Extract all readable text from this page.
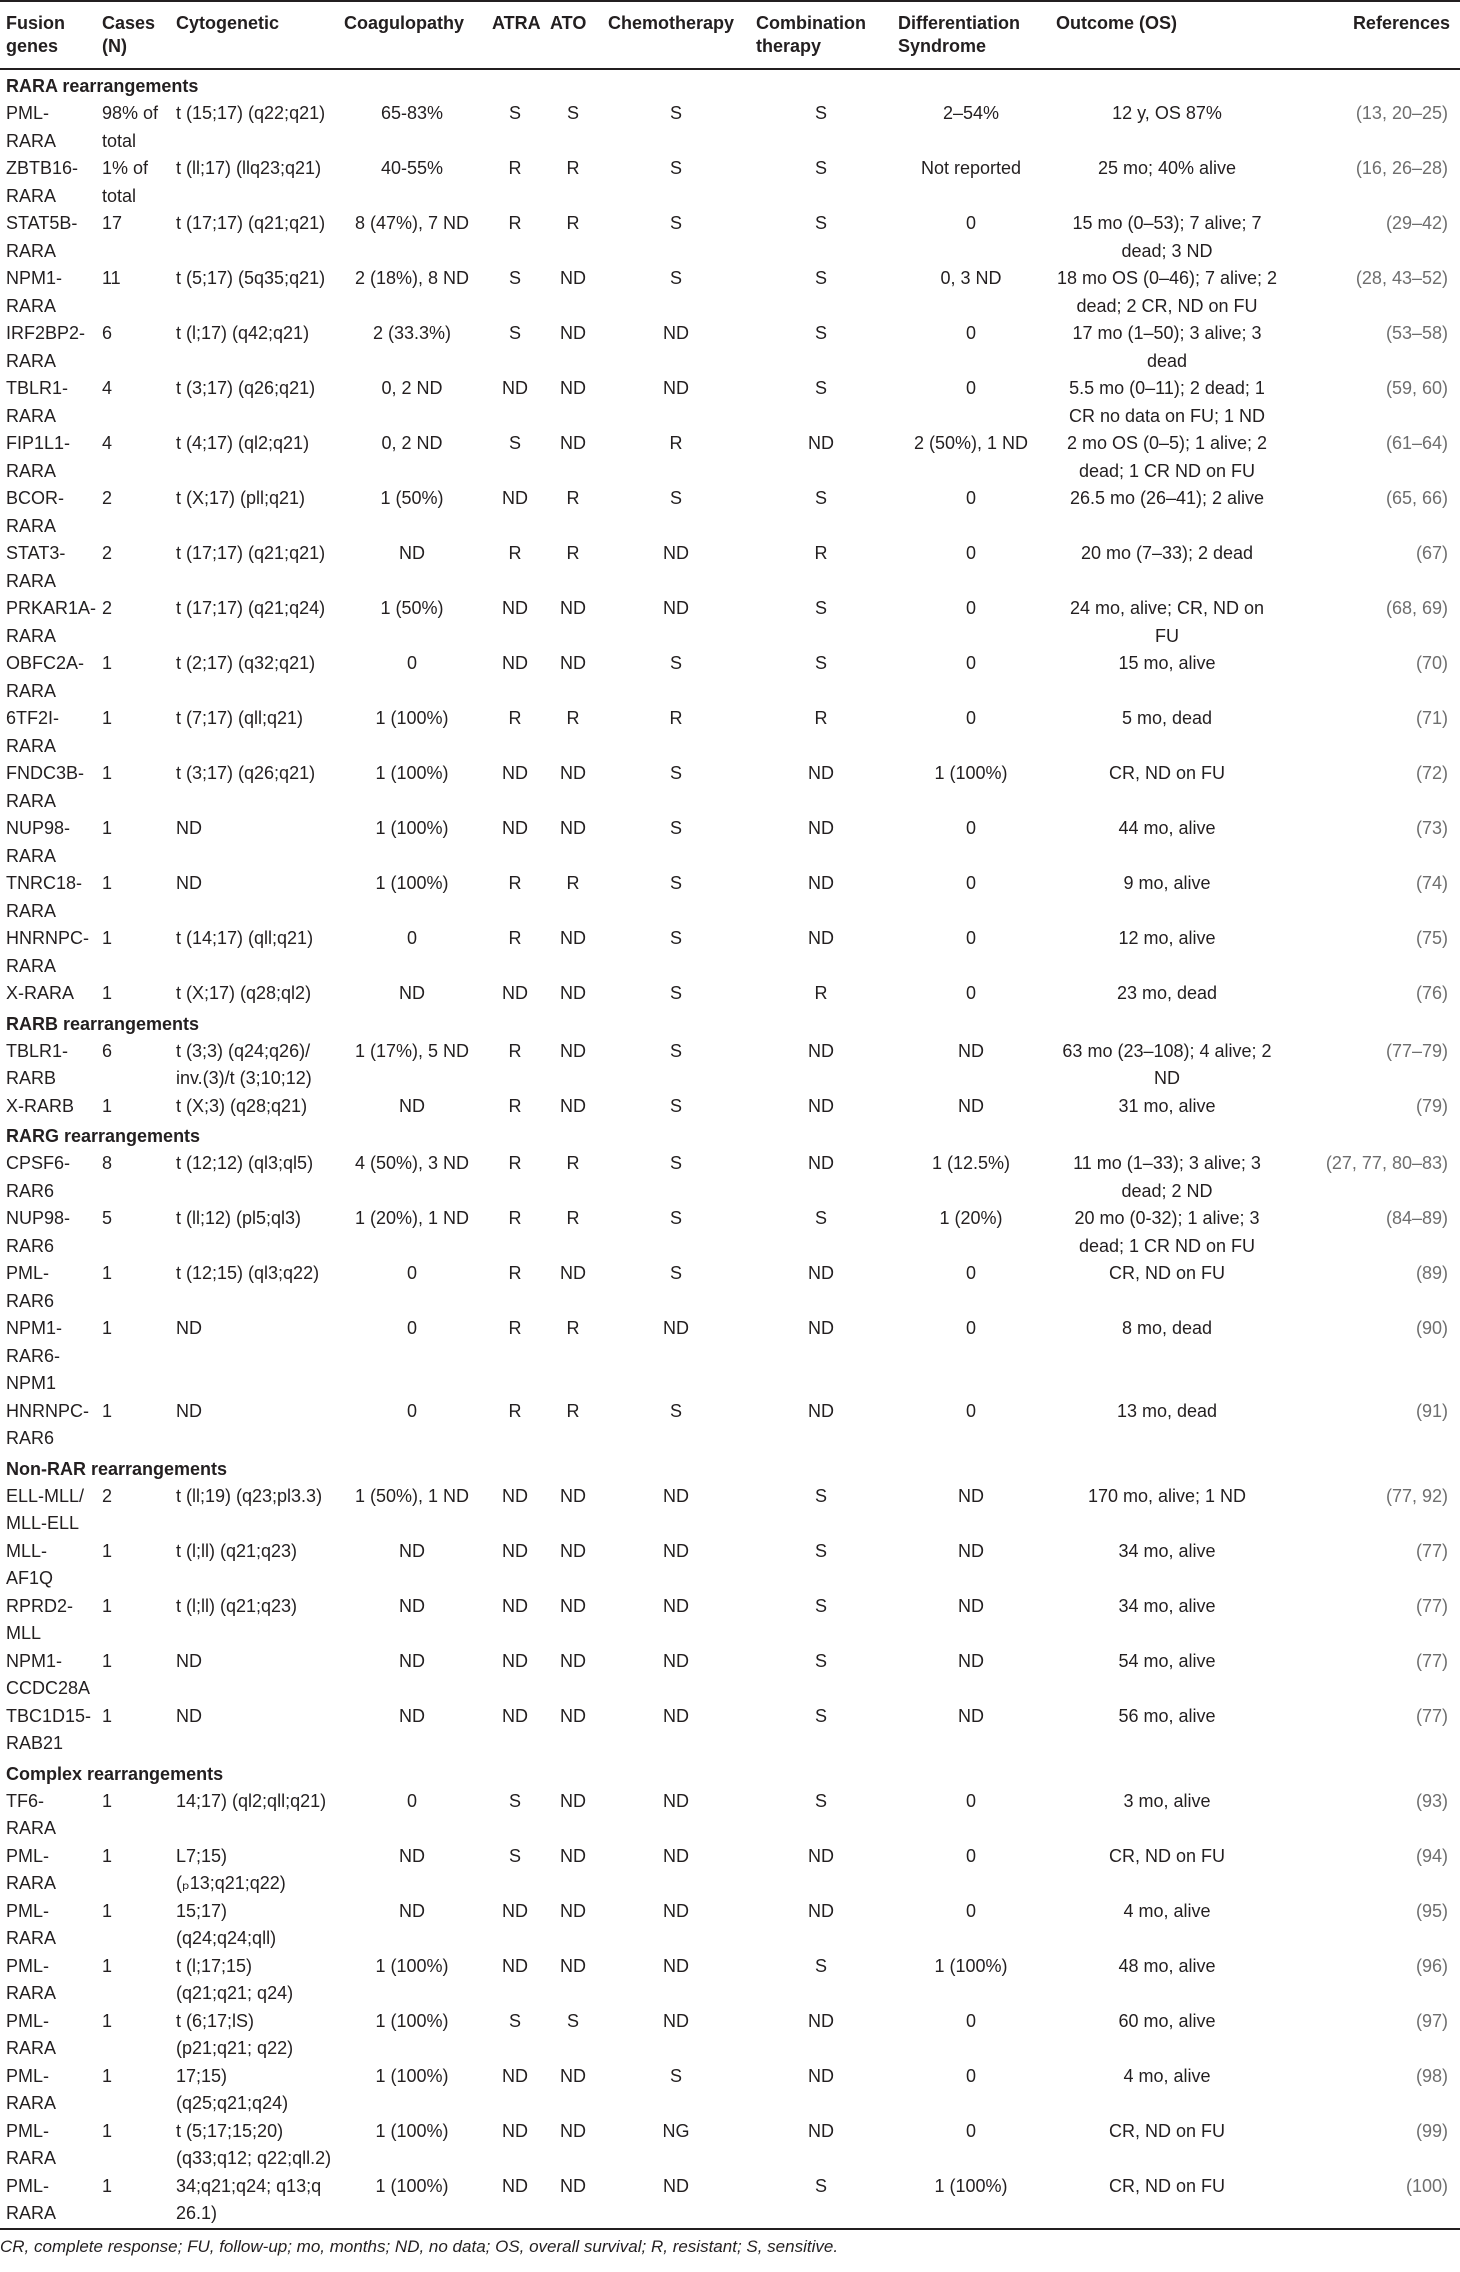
Fusion genes	Cases (N)	Cytogenetic	Coagulopathy	ATRA	ATO	Chemotherapy	Combination therapy	Differentiation Syndrome	Outcome (OS)	References
RARA rearrangements										
PML-RARA	98% of total	t (15;17) (q22;q21)	65-83%	S	S	S	S	2–54%	12 y, OS 87%	(13, 20–25)
ZBTB16-RARA	1% of total	t (ll;17) (llq23;q21)	40-55%	R	R	S	S	Not reported	25 mo; 40% alive	(16, 26–28)
STAT5B-RARA	17	t (17;17) (q21;q21)	8 (47%), 7 ND	R	R	S	S	0	15 mo (0–53); 7 alive; 7 dead; 3 ND	(29–42)
NPM1-RARA	11	t (5;17) (5q35;q21)	2 (18%), 8 ND	S	ND	S	S	0, 3 ND	18 mo OS (0–46); 7 alive; 2 dead; 2 CR, ND on FU	(28, 43–52)
IRF2BP2-RARA	6	t (l;17) (q42;q21)	2 (33.3%)	S	ND	ND	S	0	17 mo (1–50); 3 alive; 3 dead	(53–58)
TBLR1-RARA	4	t (3;17) (q26;q21)	0, 2 ND	ND	ND	ND	S	0	5.5 mo (0–11); 2 dead; 1 CR no data on FU; 1 ND	(59, 60)
FIP1L1-RARA	4	t (4;17) (ql2;q21)	0, 2 ND	S	ND	R	ND	2 (50%), 1 ND	2 mo OS (0–5); 1 alive; 2 dead; 1 CR ND on FU	(61–64)
BCOR-RARA	2	t (X;17) (pll;q21)	1 (50%)	ND	R	S	S	0	26.5 mo (26–41); 2 alive	(65, 66)
STAT3-RARA	2	t (17;17) (q21;q21)	ND	R	R	ND	R	0	20 mo (7–33); 2 dead	(67)
PRKAR1A-RARA	2	t (17;17) (q21;q24)	1 (50%)	ND	ND	ND	S	0	24 mo, alive; CR, ND on FU	(68, 69)
OBFC2A-RARA	1	t (2;17) (q32;q21)	0	ND	ND	S	S	0	15 mo, alive	(70)
6TF2I-RARA	1	t (7;17) (qll;q21)	1 (100%)	R	R	R	R	0	5 mo, dead	(71)
FNDC3B-RARA	1	t (3;17) (q26;q21)	1 (100%)	ND	ND	S	ND	1 (100%)	CR, ND on FU	(72)
NUP98-RARA	1	ND	1 (100%)	ND	ND	S	ND	0	44 mo, alive	(73)
TNRC18-RARA	1	ND	1 (100%)	R	R	S	ND	0	9 mo, alive	(74)
HNRNPC-RARA	1	t (14;17) (qll;q21)	0	R	ND	S	ND	0	12 mo, alive	(75)
X-RARA	1	t (X;17) (q28;ql2)	ND	ND	ND	S	R	0	23 mo, dead	(76)
RARB rearrangements										
TBLR1-RARB	6	t (3;3) (q24;q26)/ inv.(3)/t (3;10;12)	1 (17%), 5 ND	R	ND	S	ND	ND	63 mo (23–108); 4 alive; 2 ND	(77–79)
X-RARB	1	t (X;3) (q28;q21)	ND	R	ND	S	ND	ND	31 mo, alive	(79)
RARG rearrangements										
CPSF6-RAR6	8	t (12;12) (ql3;ql5)	4 (50%), 3 ND	R	R	S	ND	1 (12.5%)	11 mo (1–33); 3 alive; 3 dead; 2 ND	(27, 77, 80–83)
NUP98-RAR6	5	t (ll;12) (pl5;ql3)	1 (20%), 1 ND	R	R	S	S	1 (20%)	20 mo (0-32); 1 alive; 3 dead; 1 CR ND on FU	(84–89)
PML-RAR6	1	t (12;15) (ql3;q22)	0	R	ND	S	ND	0	CR, ND on FU	(89)
NPM1-RAR6-NPM1	1	ND	0	R	R	ND	ND	0	8 mo, dead	(90)
HNRNPC-RAR6	1	ND	0	R	R	S	ND	0	13 mo, dead	(91)
Non-RAR rearrangements										
ELL-MLL/ MLL-ELL	2	t (ll;19) (q23;pl3.3)	1 (50%), 1 ND	ND	ND	ND	S	ND	170 mo, alive; 1 ND	(77, 92)
MLL-AF1Q	1	t (l;ll) (q21;q23)	ND	ND	ND	ND	S	ND	34 mo, alive	(77)
RPRD2-MLL	1	t (l;ll) (q21;q23)	ND	ND	ND	ND	S	ND	34 mo, alive	(77)
NPM1-CCDC28A	1	ND	ND	ND	ND	ND	S	ND	54 mo, alive	(77)
TBC1D15-RAB21	1	ND	ND	ND	ND	ND	S	ND	56 mo, alive	(77)
Complex rearrangements										
TF6-RARA	1	14;17) (ql2;qll;q21)	0	S	ND	ND	S	0	3 mo, alive	(93)
PML-RARA	1	L7;15) (ₚ13;q21;q22)	ND	S	ND	ND	ND	0	CR, ND on FU	(94)
PML-RARA	1	15;17) (q24;q24;qll)	ND	ND	ND	ND	ND	0	4 mo, alive	(95)
PML-RARA	1	t (l;17;15) (q21;q21; q24)	1 (100%)	ND	ND	ND	S	1 (100%)	48 mo, alive	(96)
PML-RARA	1	t (6;17;lS) (p21;q21; q22)	1 (100%)	S	S	ND	ND	0	60 mo, alive	(97)
PML-RARA	1	17;15) (q25;q21;q24)	1 (100%)	ND	ND	S	ND	0	4 mo, alive	(98)
PML-RARA	1	t (5;17;15;20) (q33;q12; q22;qll.2)	1 (100%)	ND	ND	NG	ND	0	CR, ND on FU	(99)
PML-RARA	1	34;q21;q24; q13;q 26.1)	1 (100%)	ND	ND	ND	S	1 (100%)	CR, ND on FU	(100)
CR, complete response; FU, follow-up; mo, months; ND, no data; OS, overall survival; R, resistant; S, sensitive.
